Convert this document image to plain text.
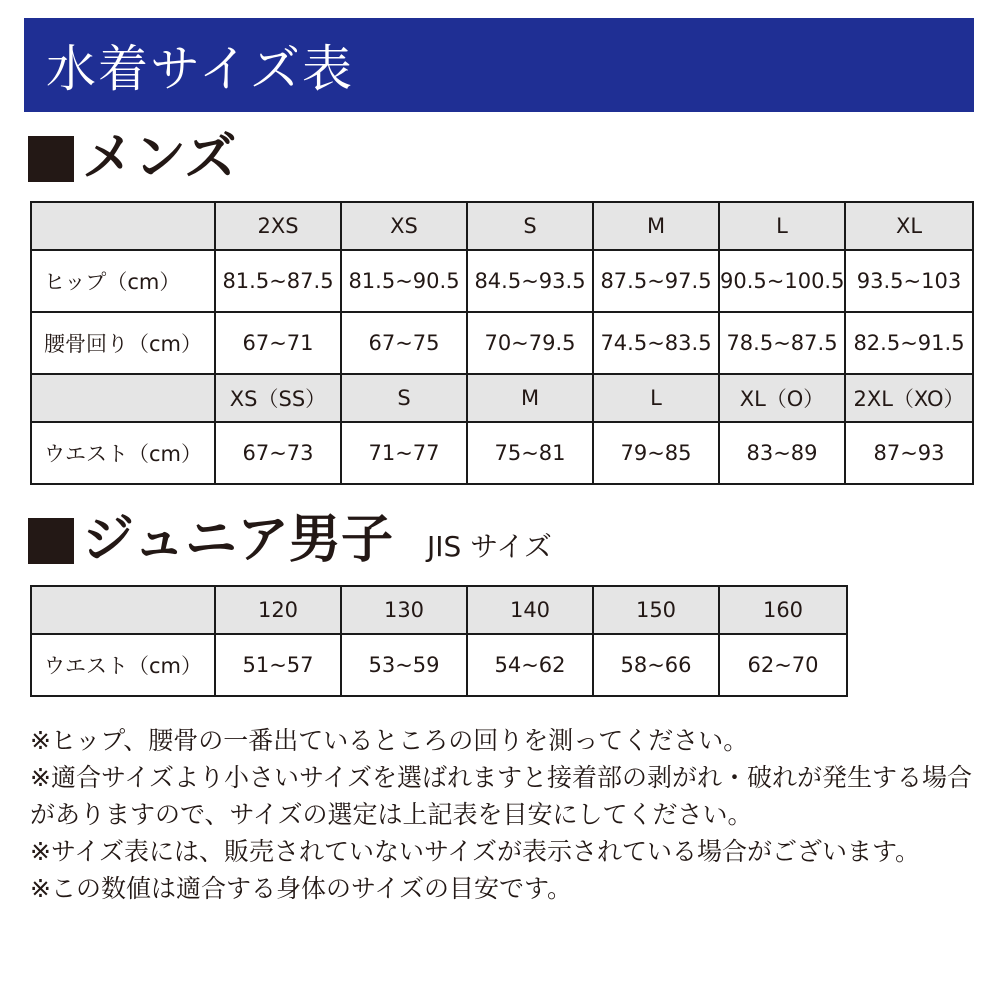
水着サイズ表
メンズ
	2XS	XS	S	M	L	XL
ヒップ（cm）	81.5~87.5	81.5~90.5	84.5~93.5	87.5~97.5	90.5~100.5	93.5~103
腰骨回り（cm）	67~71	67~75	70~79.5	74.5~83.5	78.5~87.5	82.5~91.5
	XS（SS）	S	M	L	XL（O）	2XL（XO）
ウエスト（cm）	67~73	71~77	75~81	79~85	83~89	87~93
ジュニア男子 JIS サイズ
	120	130	140	150	160
ウエスト（cm）	51~57	53~59	54~62	58~66	62~70

※ヒップ、腰骨の一番出ているところの回りを測ってください。

※適合サイズより小さいサイズを選ばれますと接着部の剥がれ・破れが発生する場合がありますので、サイズの選定は上記表を目安にしてください。

※サイズ表には、販売されていないサイズが表示されている場合がございます。

※この数値は適合する身体のサイズの目安です。
